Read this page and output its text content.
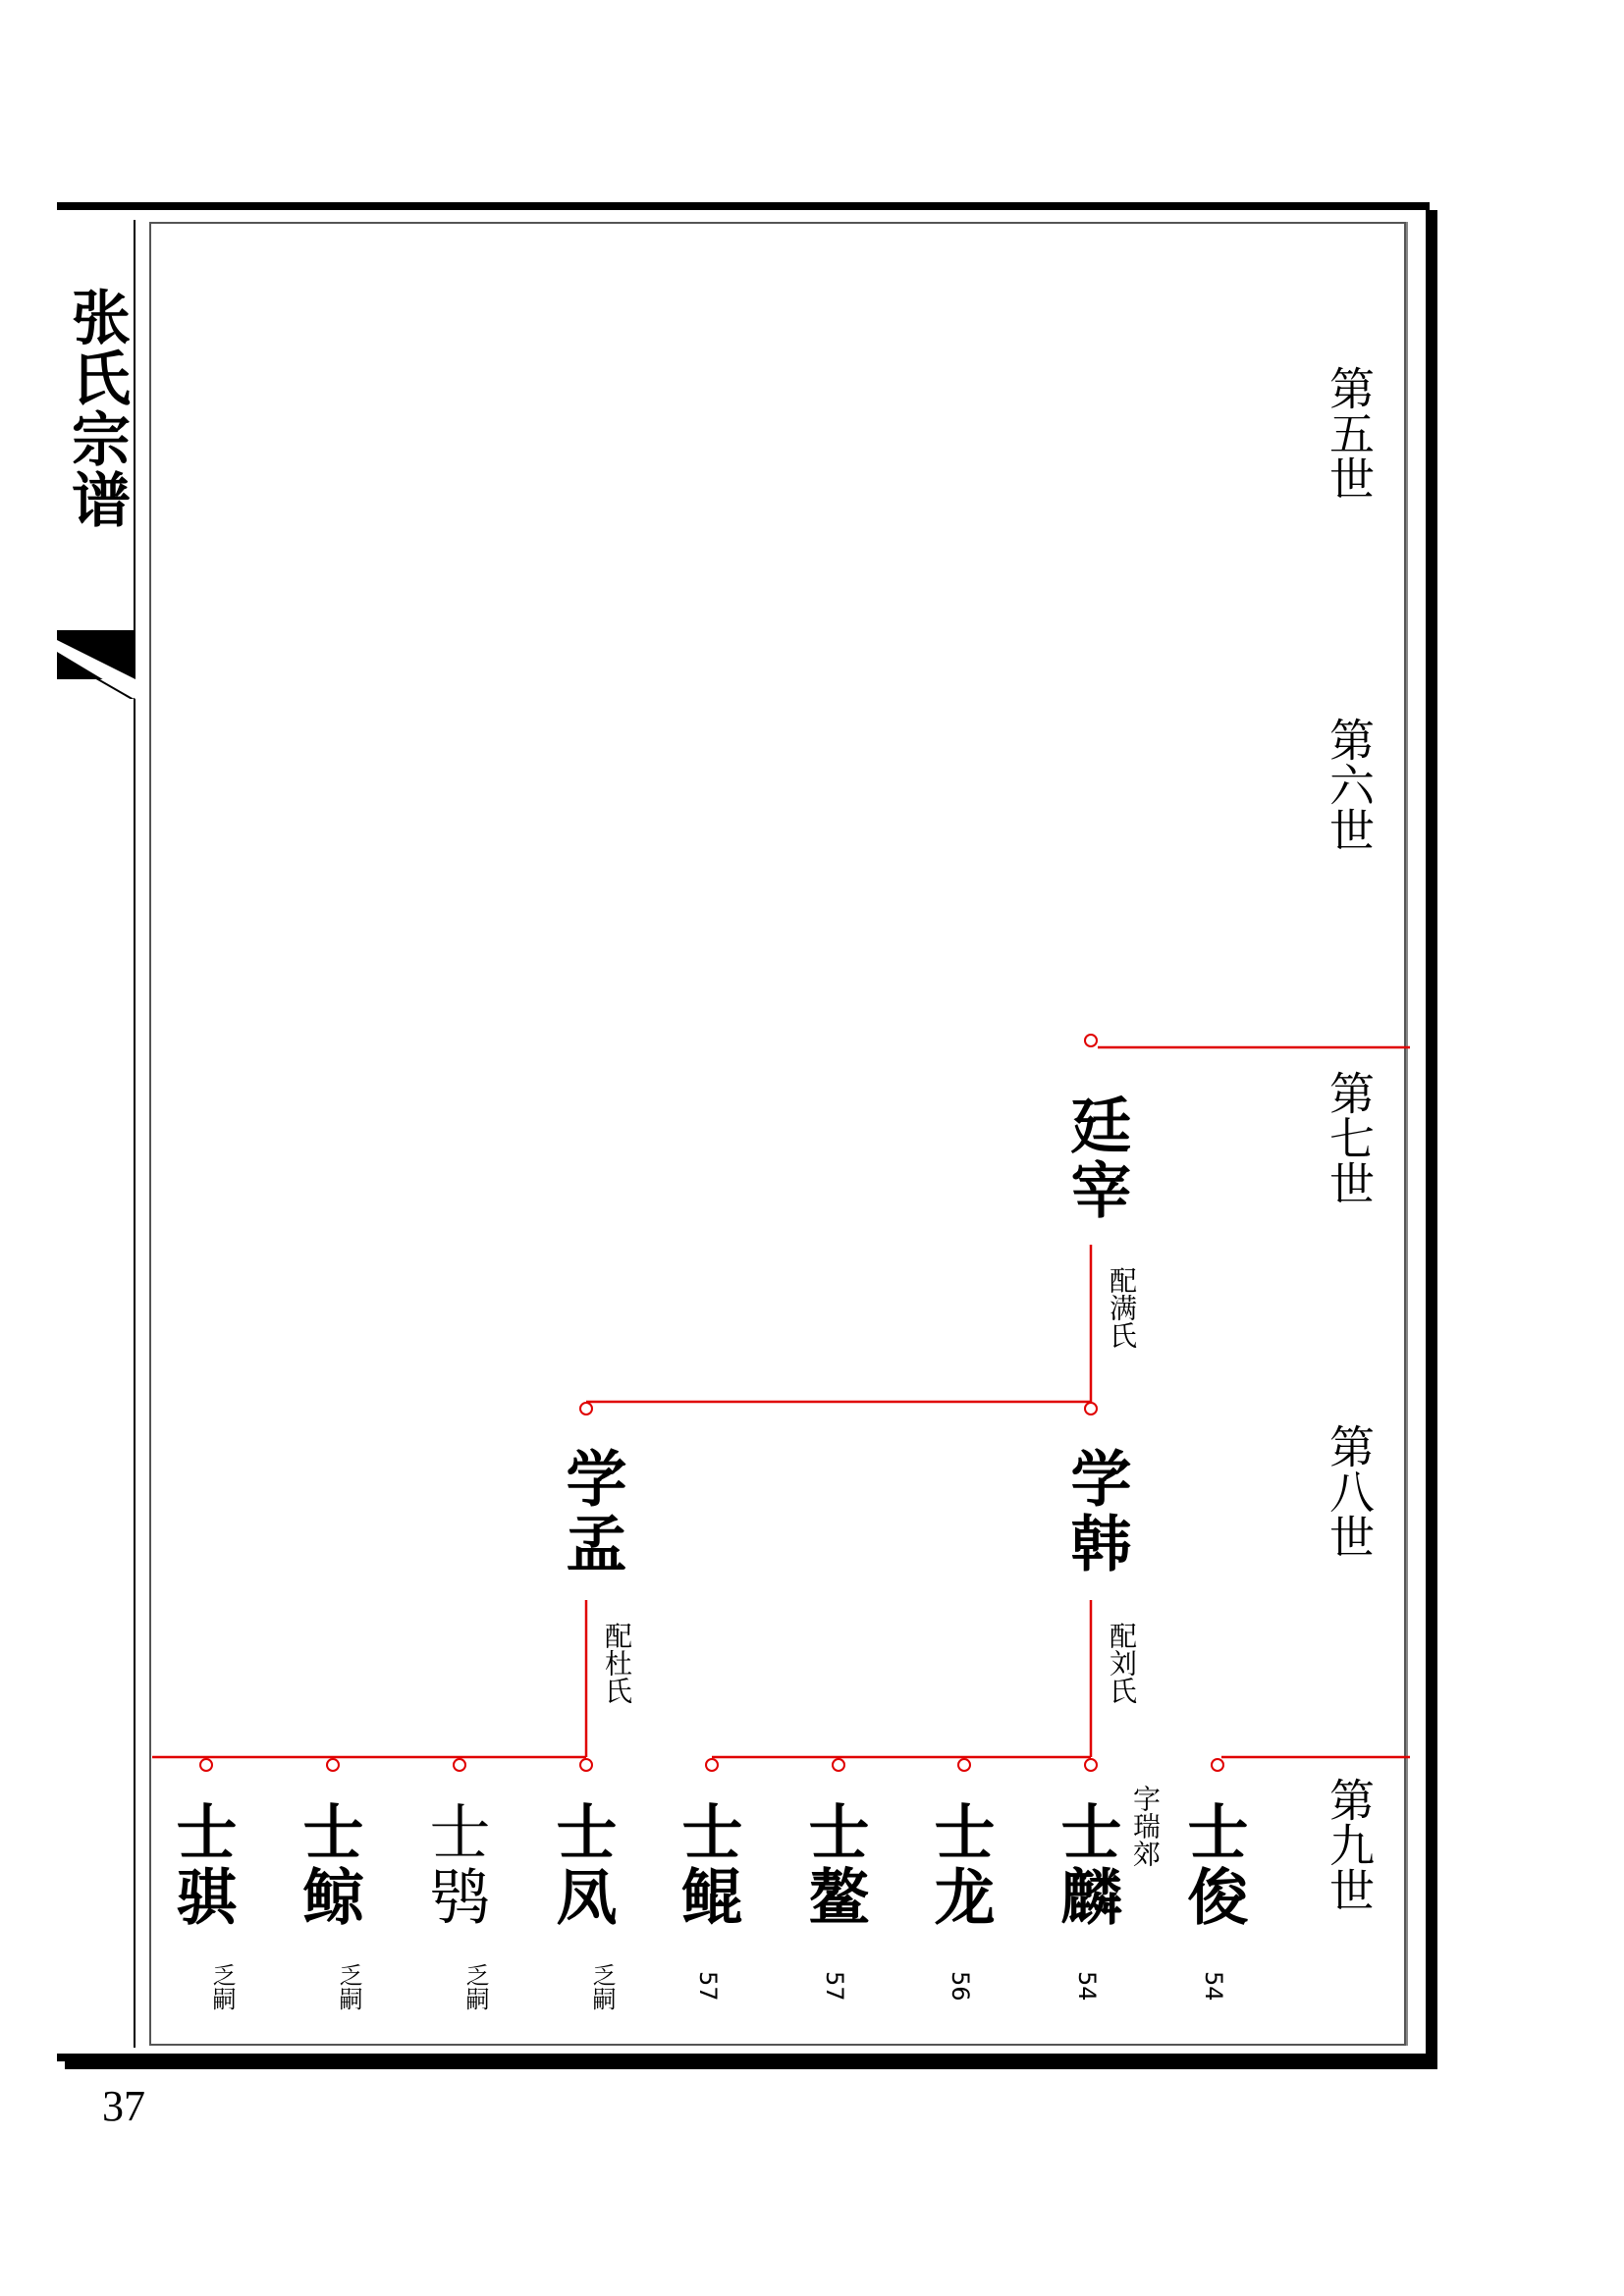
张氏宗谱	第五世
第六世
第七世
第八世
第九世
廷宰
配满氏
学孟
配杜氏
学韩
配刘氏
士骐
乏嗣
士鲸
乏嗣
士鸮
乏嗣
士凤
乏嗣
士鲲
57
士鳌
57
士龙
56
士麟
54
字瑞郊 士俊
54
37
